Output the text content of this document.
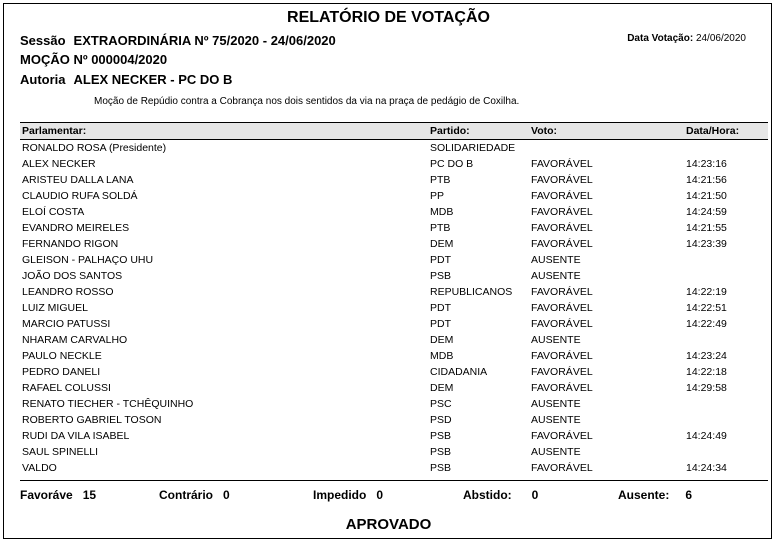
RELATÓRIO DE VOTAÇÃO
Sessão EXTRAORDINÁRIA Nº 75/2020 - 24/06/2020	Data Votação: 24/06/2020
MOÇÃO Nº 000004/2020
Autoria ALEX NECKER - PC DO B
Moção de Repúdio contra a Cobrança nos dois sentidos da via na praça de pedágio de Coxilha.
Parlamentar:	Partido:	Voto:	Data/Hora:
RONALDO ROSA (Presidente)	SOLIDARIEDADE		
ALEX NECKER	PC DO B	FAVORÁVEL	14:23:16
ARISTEU DALLA LANA	PTB	FAVORÁVEL	14:21:56
CLAUDIO RUFA SOLDÁ	PP	FAVORÁVEL	14:21:50
ELOÍ COSTA	MDB	FAVORÁVEL	14:24:59
EVANDRO MEIRELES	PTB	FAVORÁVEL	14:21:55
FERNANDO RIGON	DEM	FAVORÁVEL	14:23:39
GLEISON - PALHAÇO UHU	PDT	AUSENTE	
JOÃO DOS SANTOS	PSB	AUSENTE	
LEANDRO ROSSO	REPUBLICANOS	FAVORÁVEL	14:22:19
LUIZ MIGUEL	PDT	FAVORÁVEL	14:22:51
MARCIO PATUSSI	PDT	FAVORÁVEL	14:22:49
NHARAM CARVALHO	DEM	AUSENTE	
PAULO NECKLE	MDB	FAVORÁVEL	14:23:24
PEDRO DANELI	CIDADANIA	FAVORÁVEL	14:22:18
RAFAEL COLUSSI	DEM	FAVORÁVEL	14:29:58
RENATO TIECHER - TCHÊQUINHO	PSC	AUSENTE	
ROBERTO GABRIEL TOSON	PSD	AUSENTE	
RUDI DA VILA ISABEL	PSB	FAVORÁVEL	14:24:49
SAUL SPINELLI	PSB	AUSENTE	
VALDO	PSB	FAVORÁVEL	14:24:34
Favoráve 15	Contrário 0	Impedido 0	Abstido: 0	Ausente: 6
APROVADO
